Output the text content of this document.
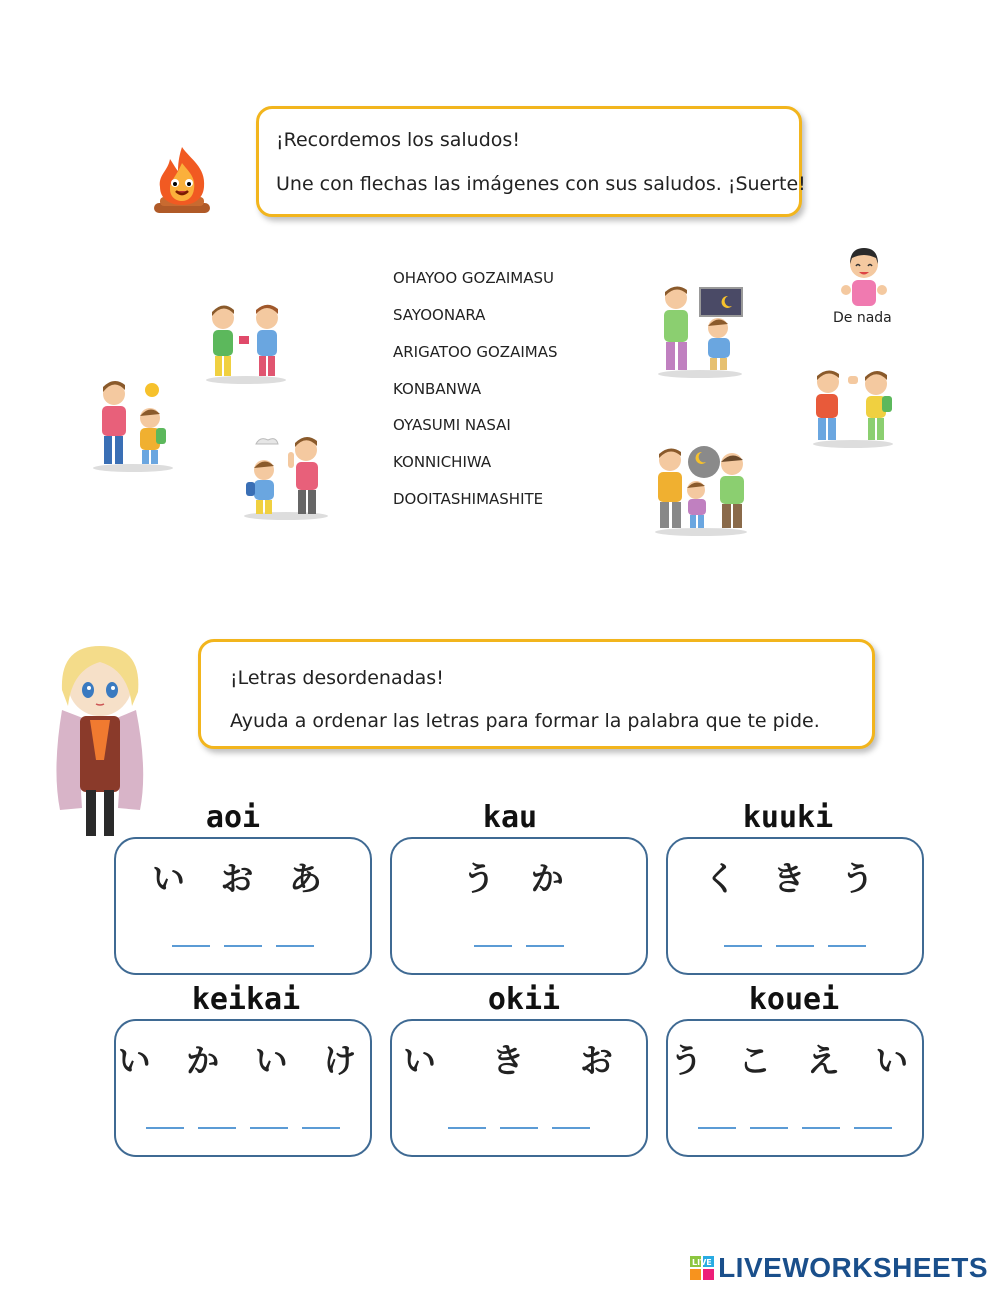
¡Recordemos los saludos!

Une con flechas las imágenes con sus saludos. ¡Suerte!

OHAYOO GOZAIMASU
SAYOONARA
ARIGATOO GOZAIMAS
KONBANWA
OYASUMI NASAI
KONNICHIWA
DOOITASHIMASHITE
De nada

¡Letras desordenadas!

Ayuda a ordenar las letras para formar la palabra que te pide.

aoi
い お あ
kau
う か
kuuki
く き う
keikai
い か い け
okii
い き お
kouei
う こ え い
LIVE LIVEWORKSHEETS
